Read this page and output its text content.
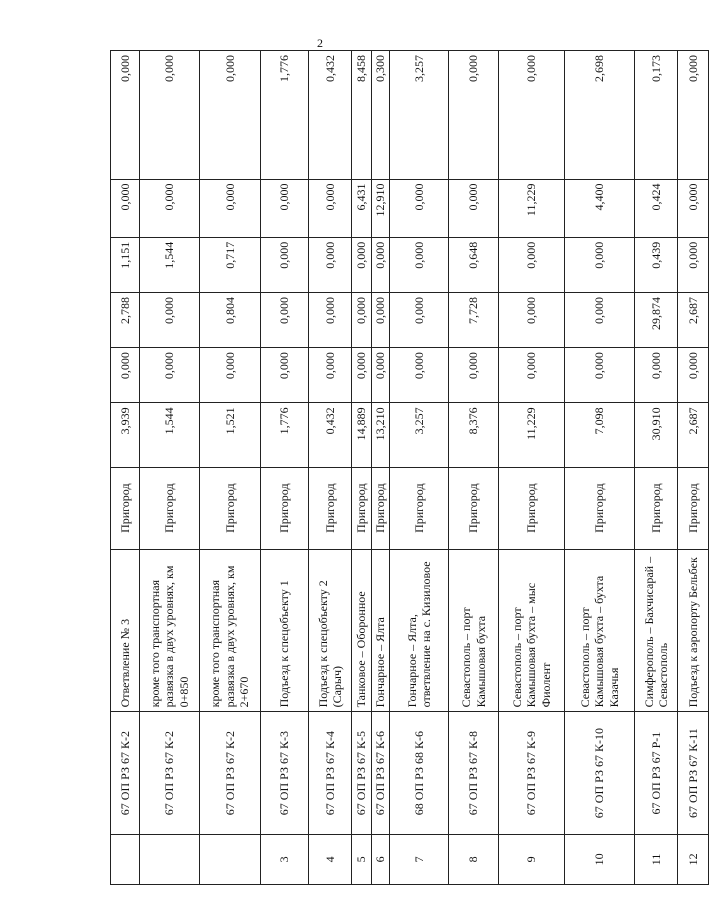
2
	67 ОП РЗ 67 К-2	Ответвление № 3	Пригород	3,939	0,000	2,788	1,151	0,000	0,000
	67 ОП РЗ 67 К-2	кроме того транспортная развязка в двух уровнях, км 0+850	Пригород	1,544	0,000	0,000	1,544	0,000	0,000
	67 ОП РЗ 67 К-2	кроме того транспортная развязка в двух уровнях, км 2+670	Пригород	1,521	0,000	0,804	0,717	0,000	0,000
3	67 ОП РЗ 67 К-3	Подъезд к спецобъекту 1	Пригород	1,776	0,000	0,000	0,000	0,000	1,776
4	67 ОП РЗ 67 К-4	Подъезд к спецобъекту 2 (Сарыч)	Пригород	0,432	0,000	0,000	0,000	0,000	0,432
5	67 ОП РЗ 67 К-5	Танковое – Оборонное	Пригород	14,889	0,000	0,000	0,000	6,431	8,458
6	67 ОП РЗ 67 К-6	Гончарное – Ялта	Пригород	13,210	0,000	0,000	0,000	12,910	0,300
7	68 ОП РЗ 68 К-6	Гончарное – Ялта, ответвление на с. Кизиловое	Пригород	3,257	0,000	0,000	0,000	0,000	3,257
8	67 ОП РЗ 67 К-8	Севастополь – порт Камышовая бухта	Пригород	8,376	0,000	7,728	0,648	0,000	0,000
9	67 ОП РЗ 67 К-9	Севастополь – порт Камышовая бухта – мыс Фиолент	Пригород	11,229	0,000	0,000	0,000	11,229	0,000
10	67 ОП РЗ 67 К-10	Севастополь – порт Камышовая бухта – бухта Казачья	Пригород	7,098	0,000	0,000	0,000	4,400	2,698
11	67 ОП РЗ 67 Р-1	Симферополь – Бахчисарай – Севастополь	Пригород	30,910	0,000	29,874	0,439	0,424	0,173
12	67 ОП РЗ 67 К-11	Подъезд к аэропорту Бельбек	Пригород	2,687	0,000	2,687	0,000	0,000	0,000
